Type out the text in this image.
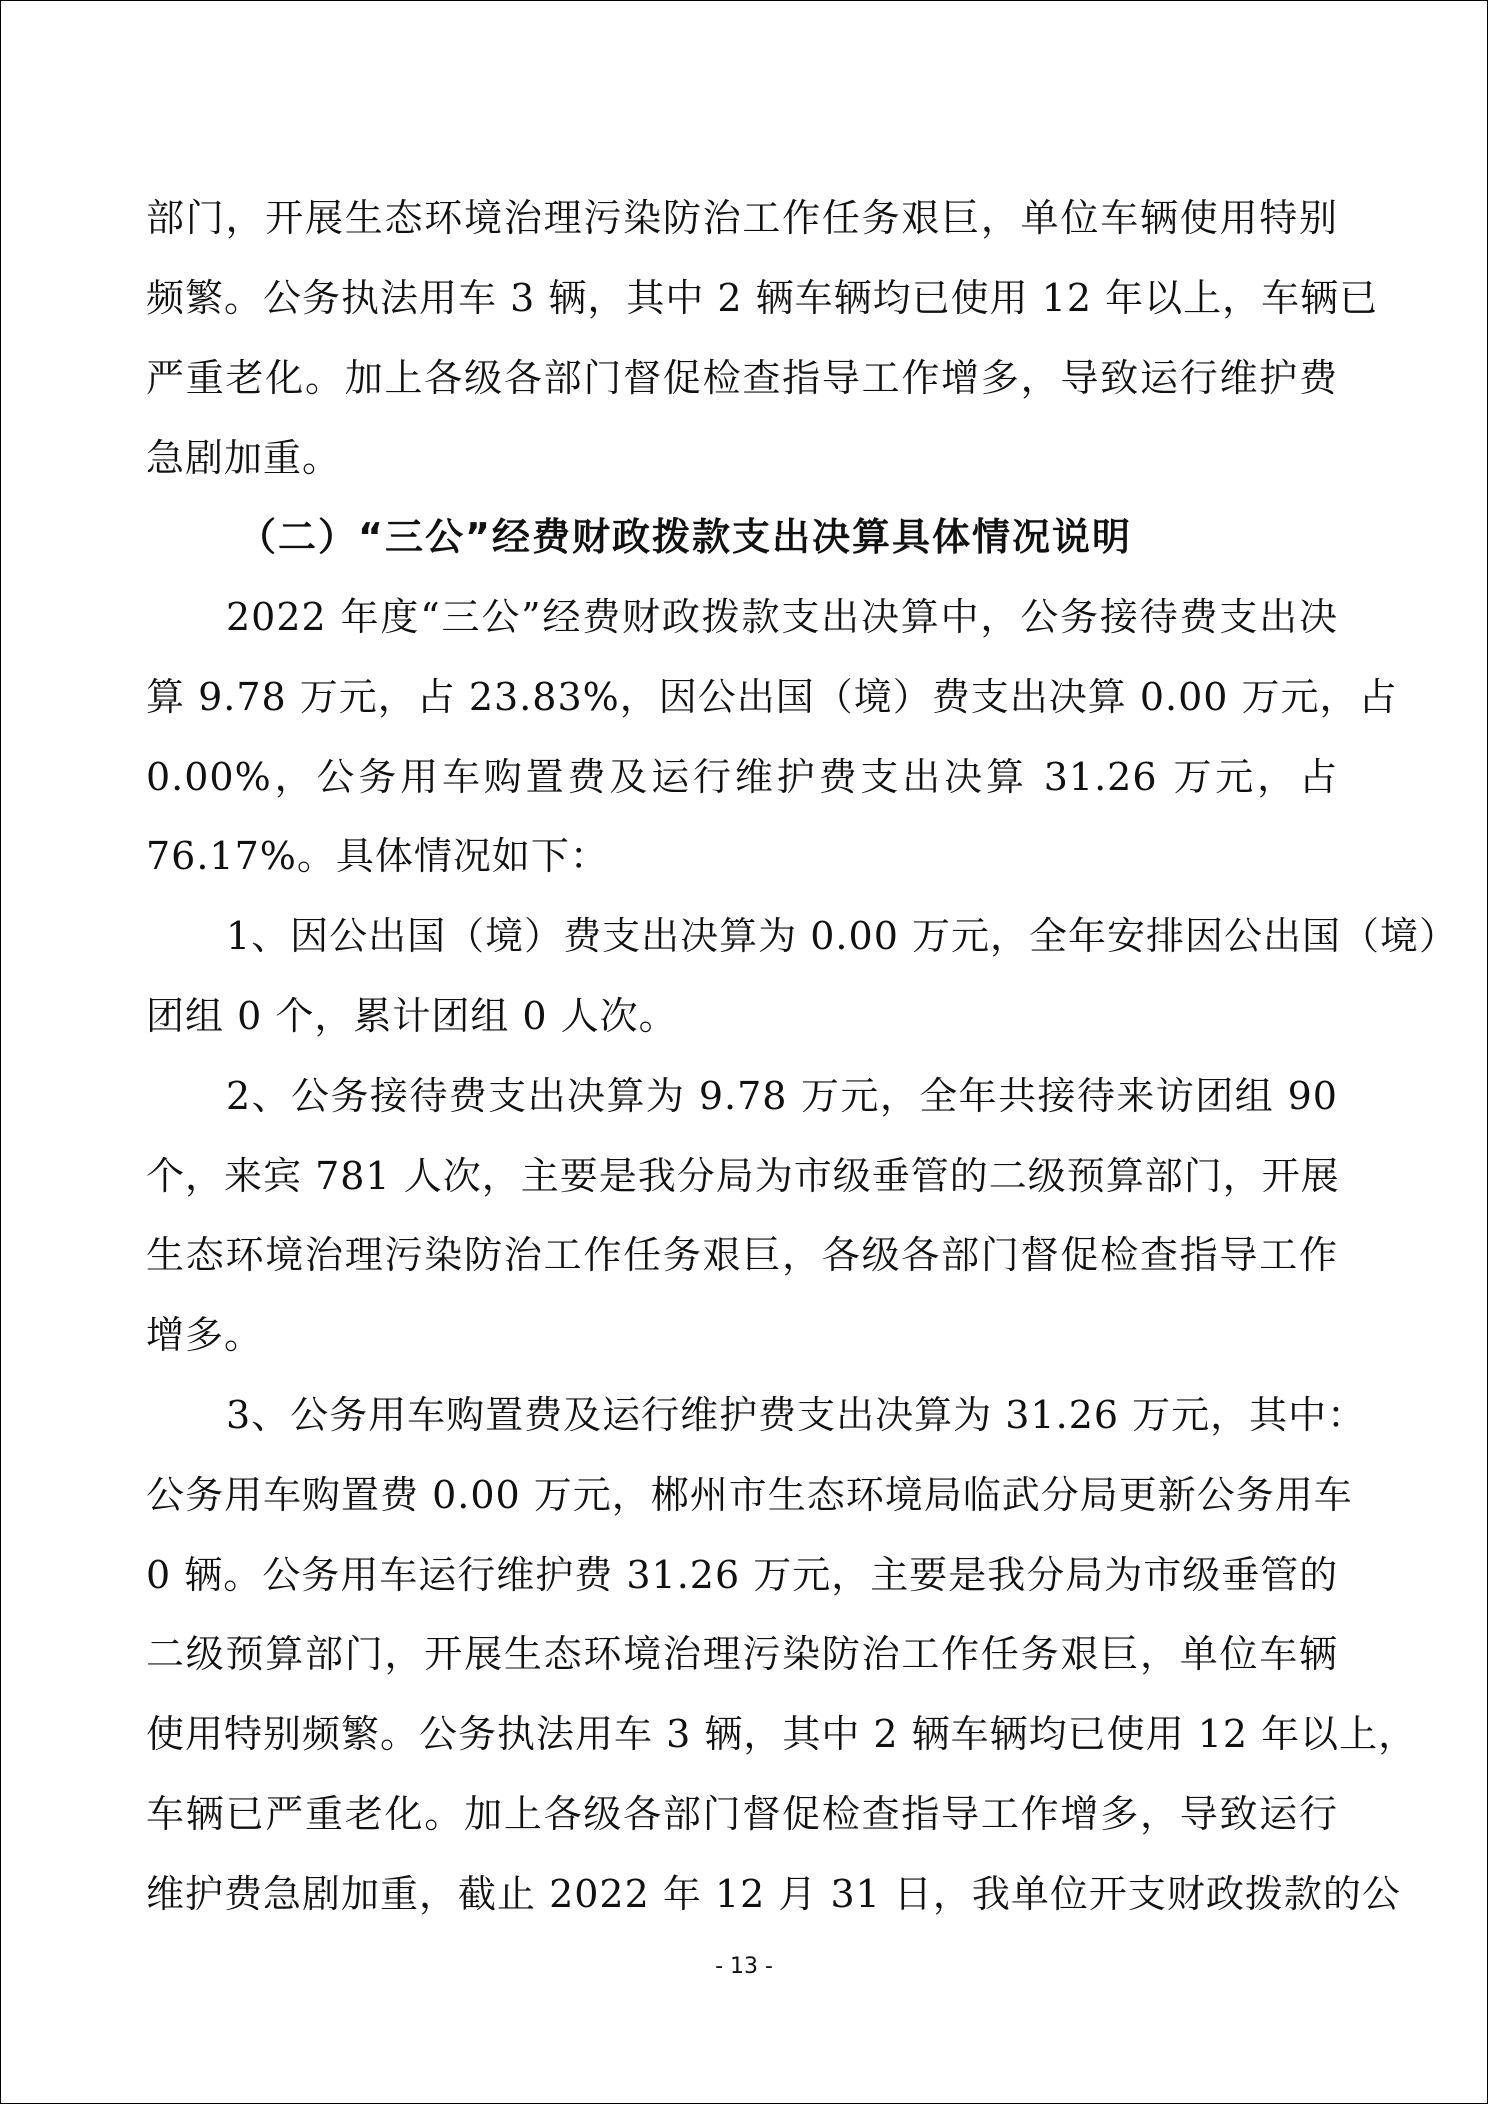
部门，开展生态环境治理污染防治工作任务艰巨，单位车辆使用特别
频繁。公务执法用车 3 辆，其中 2 辆车辆均已使用 12 年以上，车辆已
严重老化。加上各级各部门督促检查指导工作增多，导致运行维护费
急剧加重。
（二）“三公”经费财政拨款支出决算具体情况说明
2022 年度“三公”经费财政拨款支出决算中，公务接待费支出决
算 9.78 万元，占 23.83%，因公出国（境）费支出决算 0.00 万元，占
0.00%，公务用车购置费及运行维护费支出决算 31.26 万元，占
76.17%。具体情况如下：
1、因公出国（境）费支出决算为 0.00 万元，全年安排因公出国（境）
团组 0 个，累计团组 0 人次。
2、公务接待费支出决算为 9.78 万元，全年共接待来访团组 90
个，来宾 781 人次，主要是我分局为市级垂管的二级预算部门，开展
生态环境治理污染防治工作任务艰巨，各级各部门督促检查指导工作
增多。
3、公务用车购置费及运行维护费支出决算为 31.26 万元，其中：
公务用车购置费 0.00 万元，郴州市生态环境局临武分局更新公务用车
0 辆。公务用车运行维护费 31.26 万元，主要是我分局为市级垂管的
二级预算部门，开展生态环境治理污染防治工作任务艰巨，单位车辆
使用特别频繁。公务执法用车 3 辆，其中 2 辆车辆均已使用 12 年以上，
车辆已严重老化。加上各级各部门督促检查指导工作增多，导致运行
维护费急剧加重，截止 2022 年 12 月 31 日，我单位开支财政拨款的公
- 13 -
